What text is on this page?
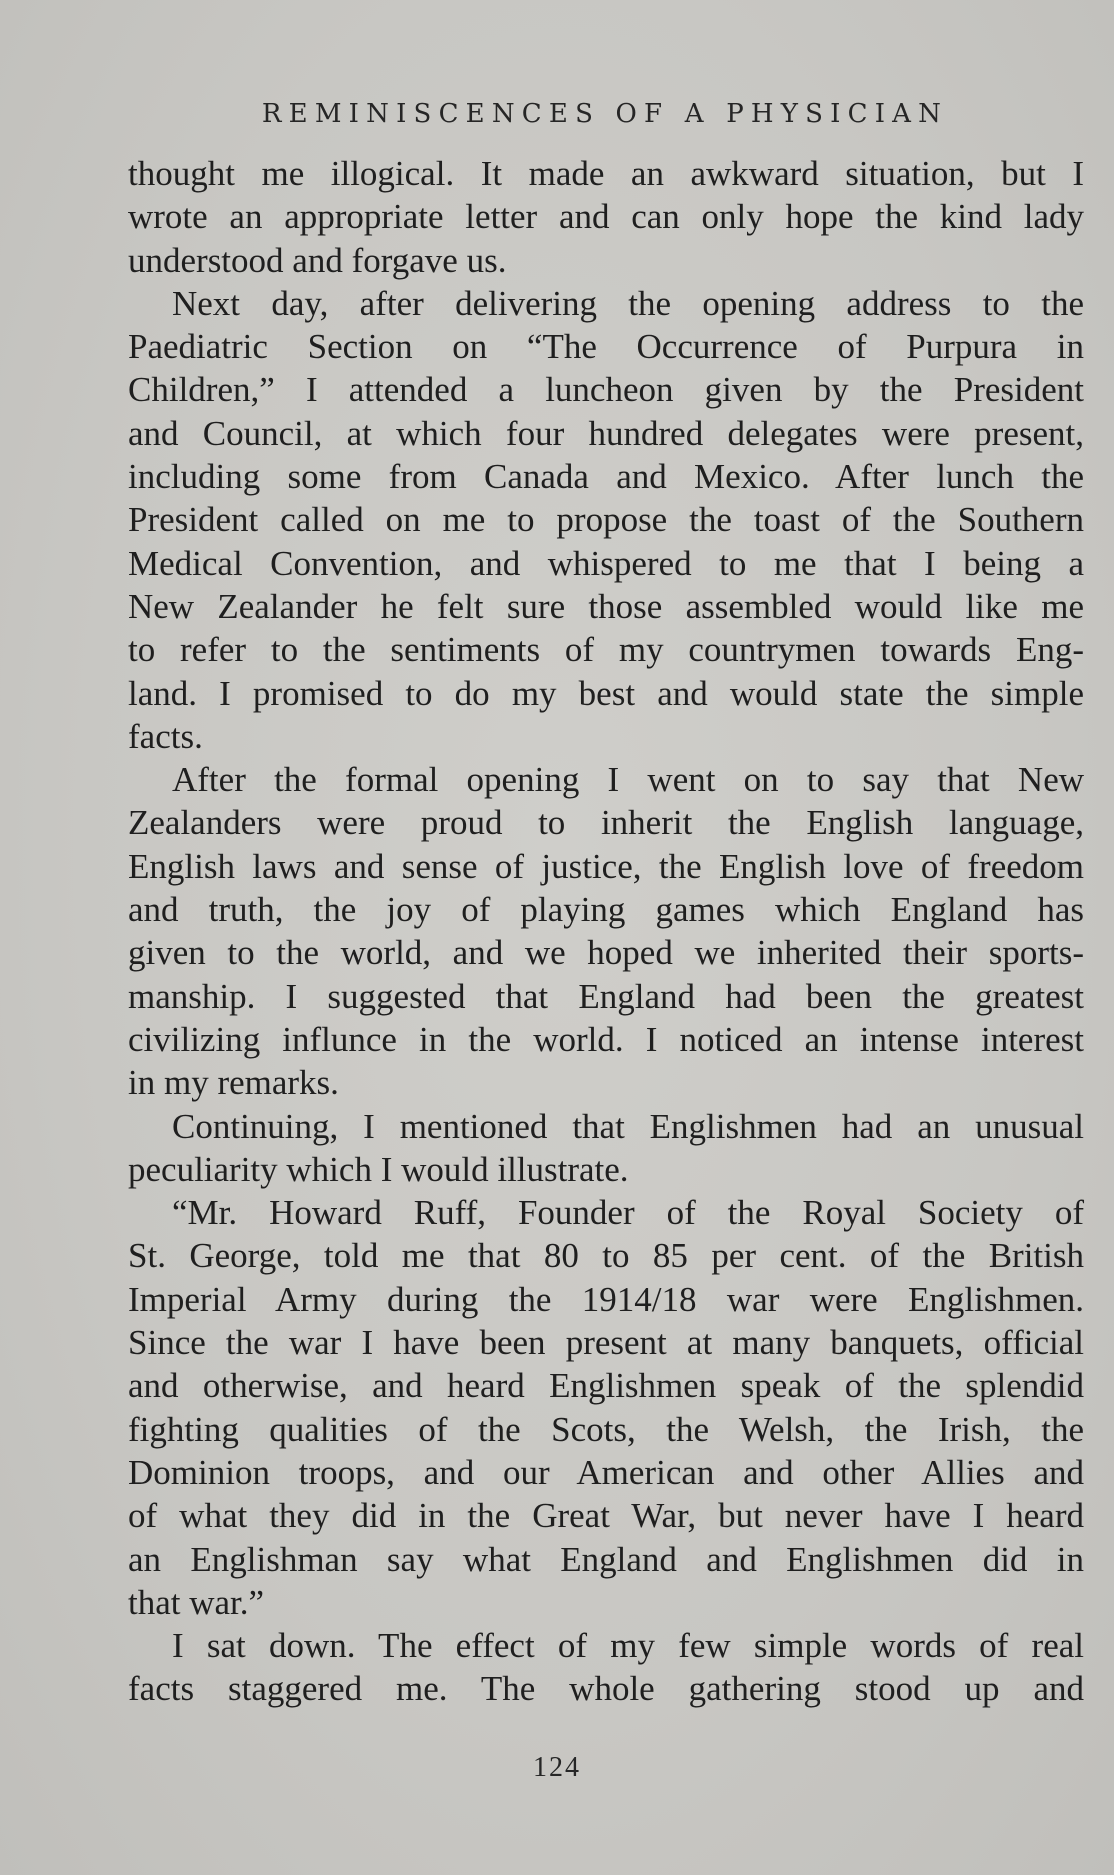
REMINISCENCES OF A PHYSICIAN
thought me illogical. It made an awkward situation, but I
wrote an appropriate letter and can only hope the kind lady
understood and forgave us.
Next day, after delivering the opening address to the
Paediatric Section on “The Occurrence of Purpura in
Children,” I attended a luncheon given by the President
and Council, at which four hundred delegates were present,
including some from Canada and Mexico. After lunch the
President called on me to propose the toast of the Southern
Medical Convention, and whispered to me that I being a
New Zealander he felt sure those assembled would like me
to refer to the sentiments of my countrymen towards Eng-
land. I promised to do my best and would state the simple
facts.
After the formal opening I went on to say that New
Zealanders were proud to inherit the English language,
English laws and sense of justice, the English love of freedom
and truth, the joy of playing games which England has
given to the world, and we hoped we inherited their sports-
manship. I suggested that England had been the greatest
civilizing influnce in the world. I noticed an intense interest
in my remarks.
Continuing, I mentioned that Englishmen had an unusual
peculiarity which I would illustrate.
“Mr. Howard Ruff, Founder of the Royal Society of
St. George, told me that 80 to 85 per cent. of the British
Imperial Army during the 1914/18 war were Englishmen.
Since the war I have been present at many banquets, official
and otherwise, and heard Englishmen speak of the splendid
fighting qualities of the Scots, the Welsh, the Irish, the
Dominion troops, and our American and other Allies and
of what they did in the Great War, but never have I heard
an Englishman say what England and Englishmen did in
that war.”
I sat down. The effect of my few simple words of real
facts staggered me. The whole gathering stood up and
124
